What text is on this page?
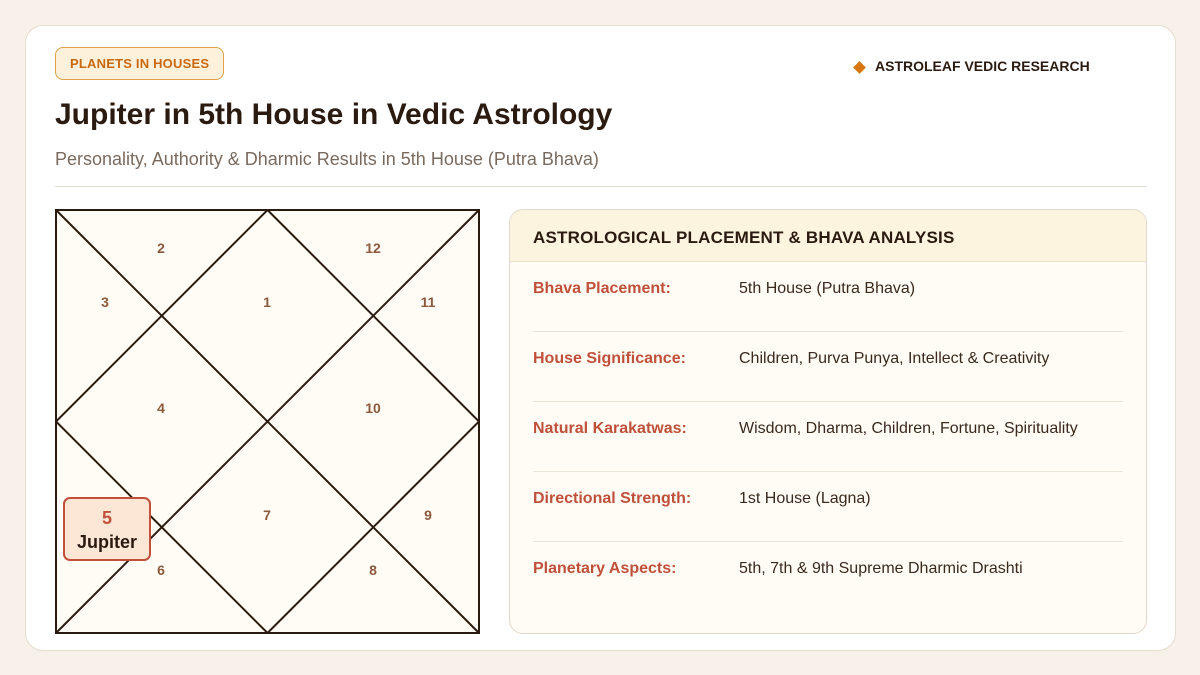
PLANETS IN HOUSES	ASTROLEAF VEDIC RESEARCH
Jupiter in 5th House in Vedic Astrology
Personality, Authority & Dharmic Results in 5th House (Putra Bhava)
1
2
3
4
6
7
8
9
10
11
12
5
Jupiter
ASTROLOGICAL PLACEMENT & BHAVA ANALYSIS
Bhava Placement:	5th House (Putra Bhava)
House Significance:	Children, Purva Punya, Intellect & Creativity
Natural Karakatwas:	Wisdom, Dharma, Children, Fortune, Spirituality
Directional Strength:	1st House (Lagna)
Planetary Aspects:	5th, 7th & 9th Supreme Dharmic Drashti
